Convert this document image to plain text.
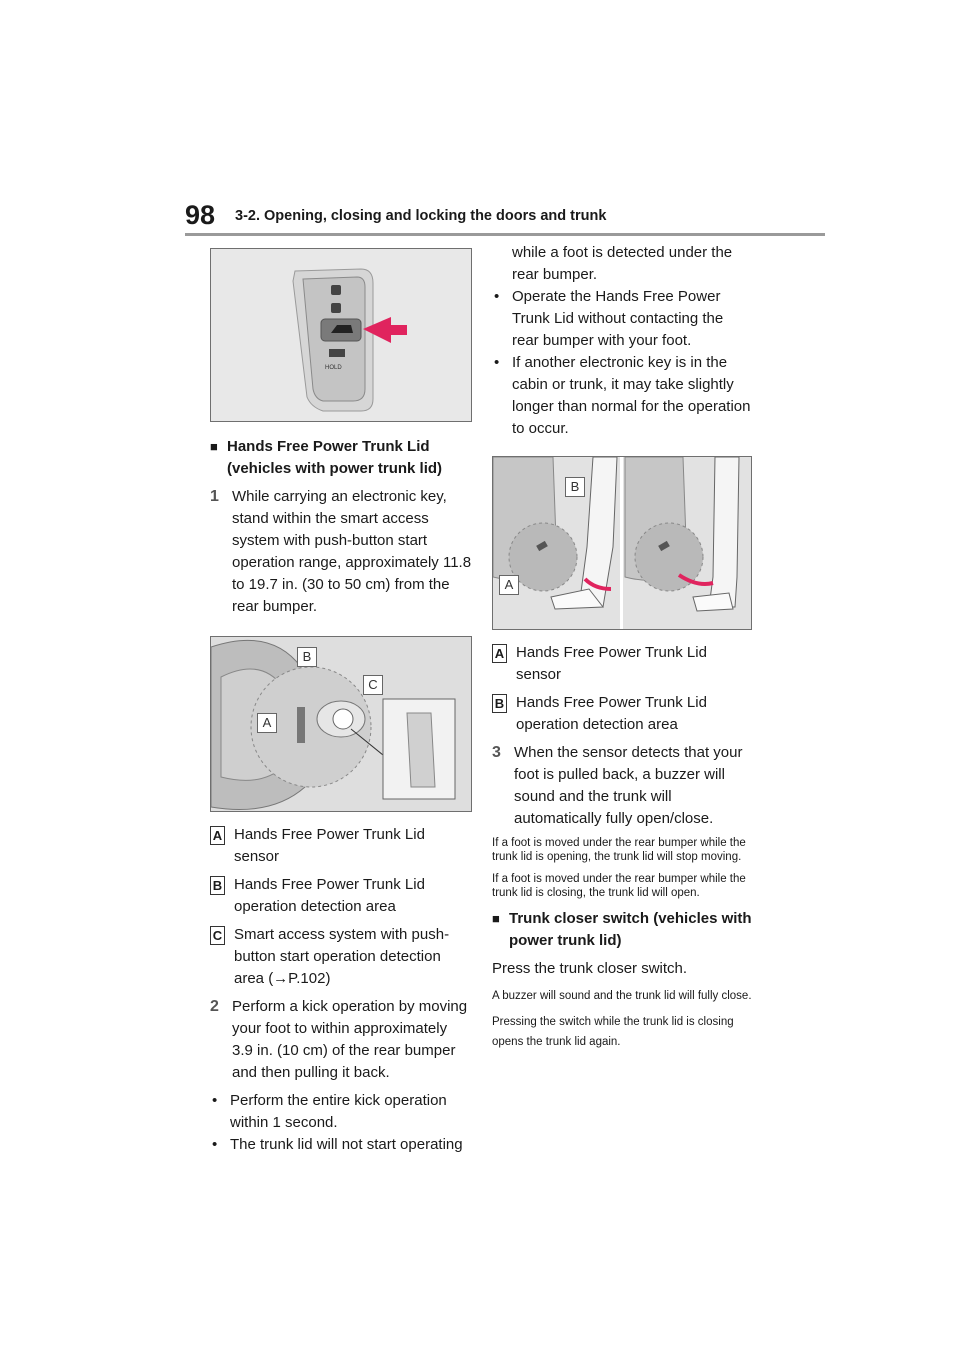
98 3-2. Opening, closing and locking the doors and trunk
HOLD
■ Hands Free Power Trunk Lid (vehicles with power trunk lid)
1 While carrying an electronic key, stand within the smart access system with push-button start operation range, approximately 11.8 to 19.7 in. (30 to 50 cm) from the rear bumper.
B
C
A
A Hands Free Power Trunk Lid sensor
B Hands Free Power Trunk Lid operation detection area
C Smart access system with push-button start operation detection area (→P.102)
2 Perform a kick operation by moving your foot to within approximately 3.9 in. (10 cm) of the rear bumper and then pulling it back.
• Perform the entire kick operation within 1 second.
• The trunk lid will not start operating
while a foot is detected under the rear bumper.
• Operate the Hands Free Power Trunk Lid without contacting the rear bumper with your foot.
• If another electronic key is in the cabin or trunk, it may take slightly longer than normal for the operation to occur.
B
A
A Hands Free Power Trunk Lid sensor
B Hands Free Power Trunk Lid operation detection area
3 When the sensor detects that your foot is pulled back, a buzzer will sound and the trunk will automatically fully open/close.
If a foot is moved under the rear bumper while the trunk lid is opening, the trunk lid will stop moving.
If a foot is moved under the rear bumper while the trunk lid is closing, the trunk lid will open.
■ Trunk closer switch (vehicles with power trunk lid)
Press the trunk closer switch.
A buzzer will sound and the trunk lid will fully close.
Pressing the switch while the trunk lid is closing opens the trunk lid again.
